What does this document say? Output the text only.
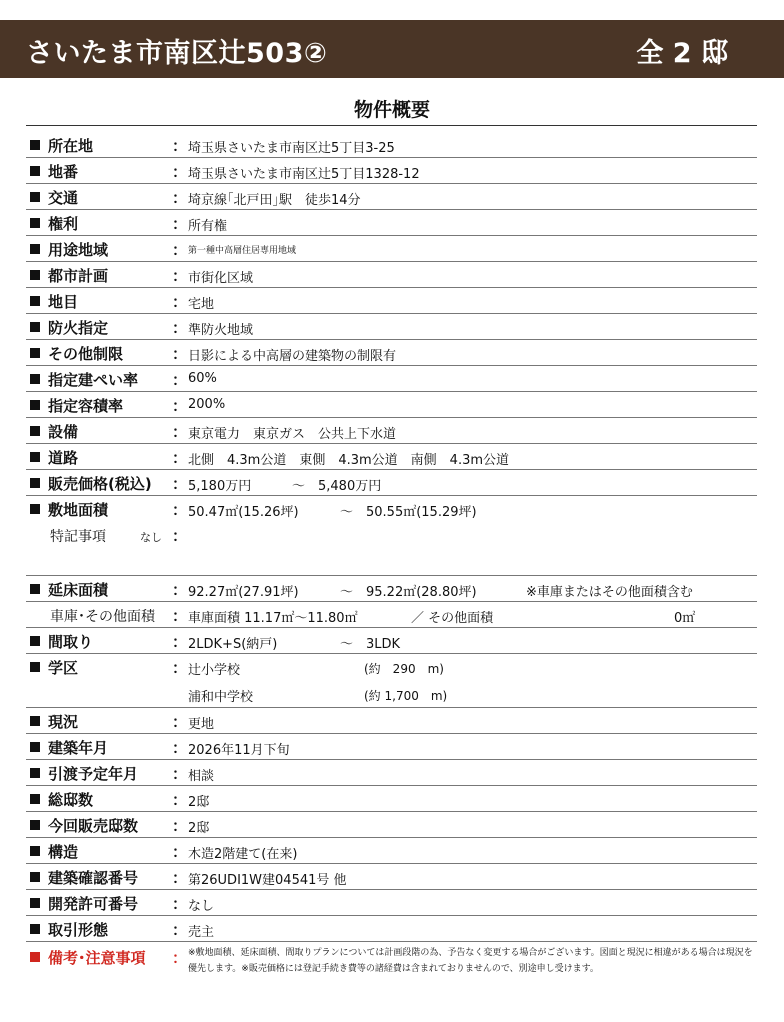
さいたま市南区辻503②	全 2 邸
物件概要
所在地	： 埼玉県さいたま市南区辻5丁目3-25
地番	： 埼玉県さいたま市南区辻5丁目1328-12
交通	： 埼京線｢北戸田｣駅　徒歩14分
権利	： 所有権
用途地域	： 第一種中高層住居専用地域
都市計画	： 市街化区域
地目	： 宅地
防火指定	： 準防火地域
その他制限	： 日影による中高層の建築物の制限有
指定建ぺい率 ： 60%
指定容積率	： 200%
設備	： 東京電力　東京ガス　公共上下水道
道路	： 北側　4.3m公道　東側　4.3m公道　南側　4.3m公道
販売価格(税込) ： 5,180万円	～　5,480万円
敷地面積	： 50.47㎡(15.26坪)	～　50.55㎡(15.29坪)
特記事項	なし ：
延床面積	： 92.27㎡(27.91坪)	～　95.22㎡(28.80坪)	※車庫またはその他面積含む
車庫･その他面積 ： 車庫面積 11.17㎡～11.80㎡	／ その他面積	0㎡
間取り	： 2LDK+S(納戸)	～　3LDK
学区	： 辻小学校	(約　290　m)
浦和中学校	(約 1,700　m)
現況	： 更地
建築年月	： 2026年11月下旬
引渡予定年月 ： 相談
総邸数	： 2邸
今回販売邸数 ： 2邸
構造	： 木造2階建て(在来)
建築確認番号 ： 第26UDI1W建04541号 他
開発許可番号 ： なし
取引形態	： 売主
備考･注意事項 ： ※敷地面積、延床面積、間取りプランについては計画段階の為、予告なく変更する場合がございます。図面と現況に相違がある場合は現況を優先します。※販売価格には登記手続き費等の諸経費は含まれておりませんので、別途申し受けます。
